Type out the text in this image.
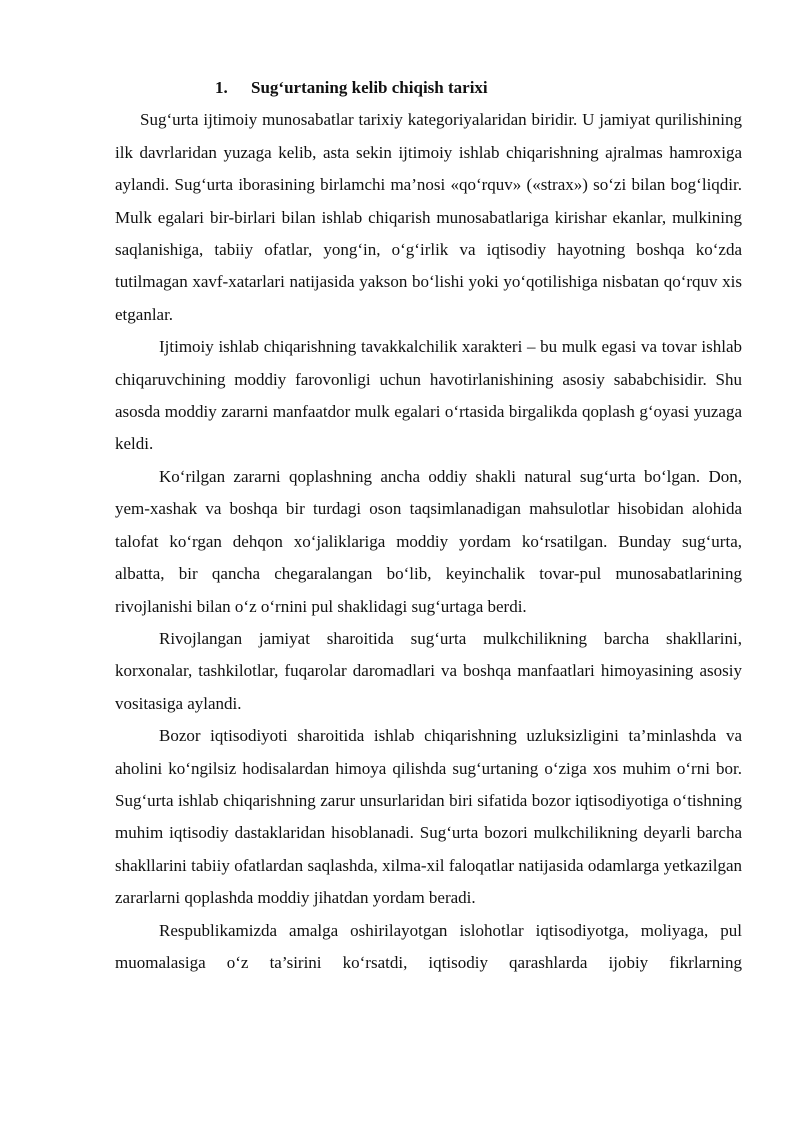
1. Sug‘urtaning kelib chiqish tarixi

Sug‘urta ijtimoiy munosabatlar tarixiy kategoriyalaridan biridir. U jamiyat qurilishining ilk davrlaridan yuzaga kelib, asta sekin ijtimoiy ishlab chiqarishning ajralmas hamroxiga aylandi. Sug‘urta iborasining birlamchi ma’nosi «qo‘rquv» («strax») so‘zi bilan bog‘liqdir. Mulk egalari bir-birlari bilan ishlab chiqarish munosabatlariga kirishar ekanlar, mulkining saqlanishiga, tabiiy ofatlar, yong‘in, o‘g‘irlik va iqtisodiy hayotning boshqa ko‘zda tutilmagan xavf-xatarlari natijasida yakson bo‘lishi yoki yo‘qotilishiga nisbatan qo‘rquv xis etganlar.

Ijtimoiy ishlab chiqarishning tavakkalchilik xarakteri – bu mulk egasi va tovar ishlab chiqaruvchining moddiy farovonligi uchun havotirlanishining asosiy sababchisidir. Shu asosda moddiy zararni manfaatdor mulk egalari o‘rtasida birgalikda qoplash g‘oyasi yuzaga keldi.

Ko‘rilgan zararni qoplashning ancha oddiy shakli natural sug‘urta bo‘lgan. Don, yem-xashak va boshqa bir turdagi oson taqsimlanadigan mahsulotlar hisobidan alohida talofat ko‘rgan dehqon xo‘jaliklariga moddiy yordam ko‘rsatilgan. Bunday sug‘urta, albatta, bir qancha chegaralangan bo‘lib, keyinchalik tovar-pul munosabatlarining rivojlanishi bilan o‘z o‘rnini pul shaklidagi sug‘urtaga berdi.

Rivojlangan jamiyat sharoitida sug‘urta mulkchilikning barcha shakllarini, korxonalar, tashkilotlar, fuqarolar daromadlari va boshqa manfaatlari himoyasining asosiy vositasiga aylandi.

Bozor iqtisodiyoti sharoitida ishlab chiqarishning uzluksizligini ta’minlashda va aholini ko‘ngilsiz hodisalardan himoya qilishda sug‘urtaning o‘ziga xos muhim o‘rni bor. Sug‘urta ishlab chiqarishning zarur unsurlaridan biri sifatida bozor iqtisodiyotiga o‘tishning muhim iqtisodiy dastaklaridan hisoblanadi. Sug‘urta bozori mulkchilikning deyarli barcha shakllarini tabiiy ofatlardan saqlashda, xilma-xil faloqatlar natijasida odamlarga yetkazilgan zararlarni qoplashda moddiy jihatdan yordam beradi.

Respublikamizda amalga oshirilayotgan islohotlar iqtisodiyotga, moliyaga, pul muomalasiga o‘z ta’sirini ko‘rsatdi, iqtisodiy qarashlarda ijobiy fikrlarning
